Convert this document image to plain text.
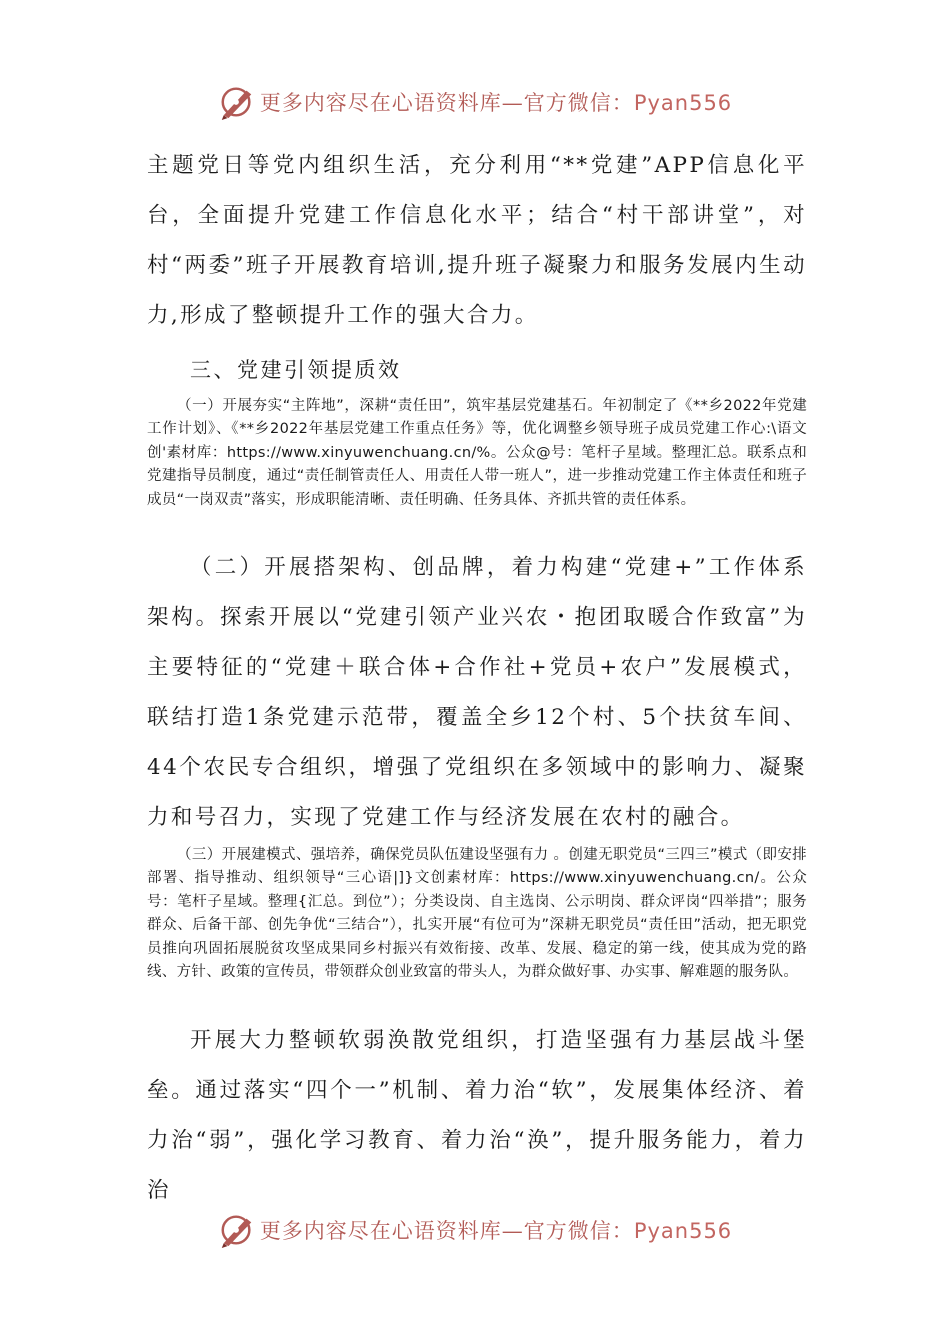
更多内容尽在心语资料库—官方微信：Pyan556

主题党日等党内组织生活，充分利用“**党建”APP信息化平台，全面提升党建工作信息化水平；结合“村干部讲堂”，对村“两委”班子开展教育培训,提升班子凝聚力和服务发展内生动力,形成了整顿提升工作的强大合力。

三、党建引领提质效

（一）开展夯实“主阵地”，深耕“责任田”，筑牢基层党建基石。年初制定了《**乡2022年党建工作计划》、《**乡2022年基层党建工作重点任务》等，优化调整乡领导班子成员党建工作心:\语文创'素材库：https://www.xinyuwenchuang.cn/%。公众@号：笔杆子星域。整理汇总。联系点和党建指导员制度，通过“责任制管责任人、用责任人带一班人”，进一步推动党建工作主体责任和班子成员“一岗双责”落实，形成职能清晰、责任明确、任务具体、齐抓共管的责任体系。

（二）开展搭架构、创品牌，着力构建“党建+”工作体系架构。探索开展以“党建引领产业兴农・抱团取暖合作致富”为主要特征的“党建＋联合体+合作社+党员+农户”发展模式，联结打造1条党建示范带，覆盖全乡12个村、5个扶贫车间、44个农民专合组织，增强了党组织在多领域中的影响力、凝聚力和号召力，实现了党建工作与经济发展在农村的融合。

（三）开展建模式、强培养，确保党员队伍建设坚强有力 。创建无职党员“三四三”模式（即安排部署、指导推动、组织领导“三心语|]}文创素材库：https://www.xinyuwenchuang.cn/。公众号：笔杆子星域。整理{汇总。到位”）；分类设岗、自主选岗、公示明岗、群众评岗“四举措”；服务群众、后备干部、创先争优“三结合”），扎实开展“有位可为”深耕无职党员“责任田”活动，把无职党员推向巩固拓展脱贫攻坚成果同乡村振兴有效衔接、改革、发展、稳定的第一线，使其成为党的路线、方针、政策的宣传员，带领群众创业致富的带头人，为群众做好事、办实事、解难题的服务队。

开展大力整顿软弱涣散党组织，打造坚强有力基层战斗堡垒。通过落实“四个一”机制、着力治“软”，发展集体经济、着力治“弱”，强化学习教育、着力治“涣”，提升服务能力，着力治

更多内容尽在心语资料库—官方微信：Pyan556
